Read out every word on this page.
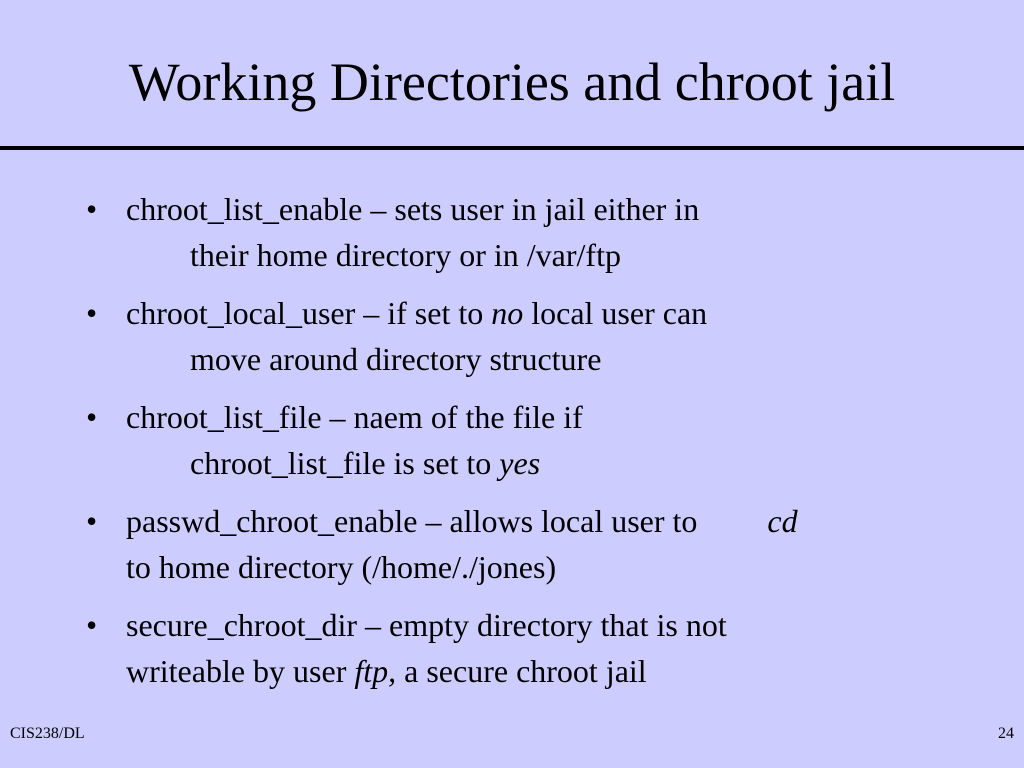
Working Directories and chroot jail
• chroot_list_enable – sets user in jail either in
their home directory or in /var/ftp
• chroot_local_user – if set to no local user can
move around directory structure
• chroot_list_file – naem of the file if
chroot_list_file is set to yes
• passwd_chroot_enable – allows local user to cd
to home directory (/home/./jones)
• secure_chroot_dir – empty directory that is not
writeable by user ftp, a secure chroot jail
CIS238/DL	24
